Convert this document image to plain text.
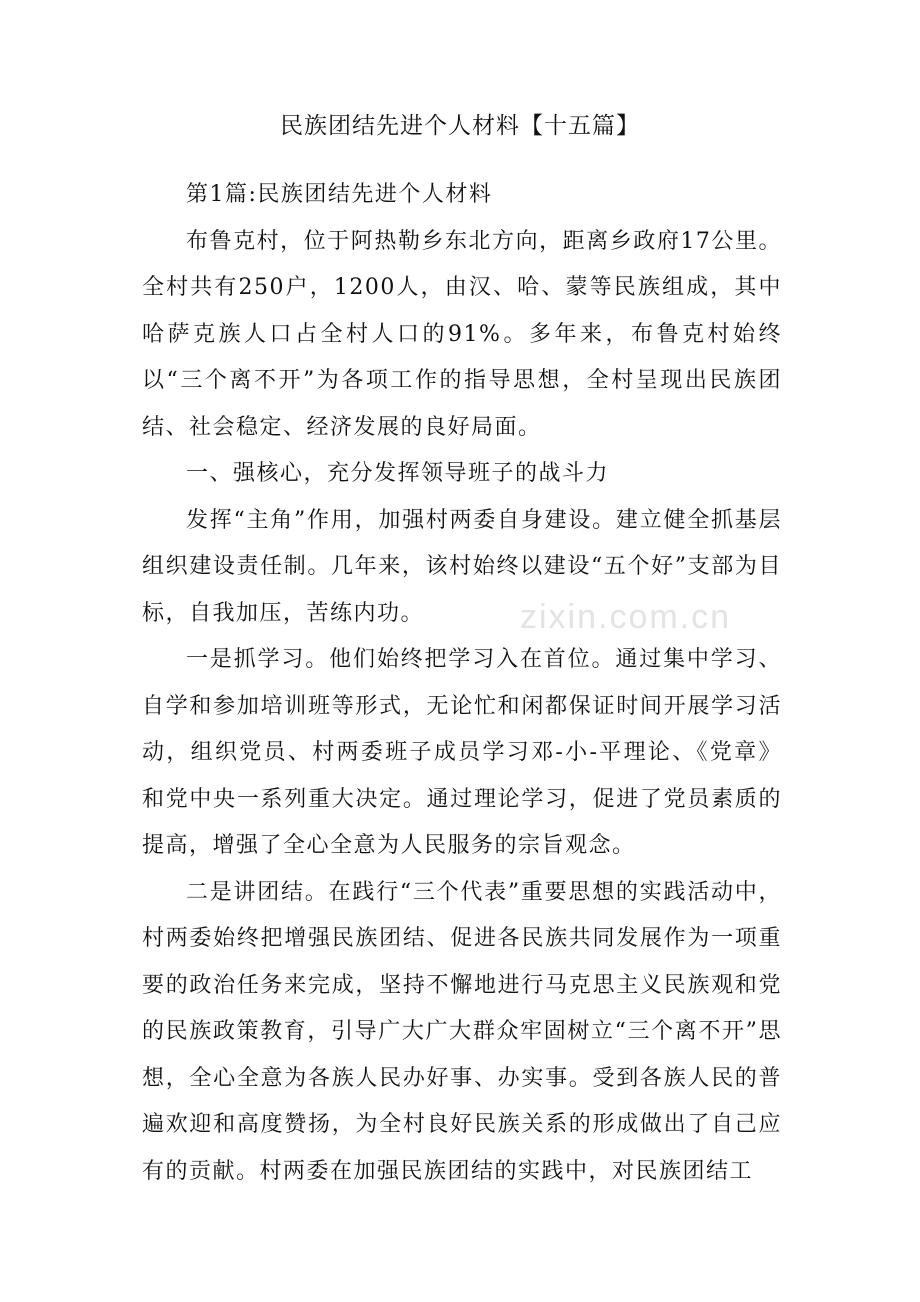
民族团结先进个人材料【十五篇】

第1篇:民族团结先进个人材料

布鲁克村，位于阿热勒乡东北方向，距离乡政府17公里。全村共有250户，1200人，由汉、哈、蒙等民族组成，其中哈萨克族人口占全村人口的91%。多年来，布鲁克村始终以“三个离不开”为各项工作的指导思想，全村呈现出民族团结、社会稳定、经济发展的良好局面。

一、强核心，充分发挥领导班子的战斗力

发挥“主角”作用，加强村两委自身建设。建立健全抓基层组织建设责任制。几年来，该村始终以建设“五个好”支部为目标，自我加压，苦练内功。

一是抓学习。他们始终把学习入在首位。通过集中学习、自学和参加培训班等形式，无论忙和闲都保证时间开展学习活动，组织党员、村两委班子成员学习邓-小-平理论、《党章》和党中央一系列重大决定。通过理论学习，促进了党员素质的提高，增强了全心全意为人民服务的宗旨观念。

二是讲团结。在践行“三个代表”重要思想的实践活动中，村两委始终把增强民族团结、促进各民族共同发展作为一项重要的政治任务来完成，坚持不懈地进行马克思主义民族观和党的民族政策教育，引导广大广大群众牢固树立“三个离不开”思想，全心全意为各族人民办好事、办实事。受到各族人民的普遍欢迎和高度赞扬，为全村良好民族关系的形成做出了自己应有的贡献。村两委在加强民族团结的实践中，对民族团结工

zixin.com.cn
